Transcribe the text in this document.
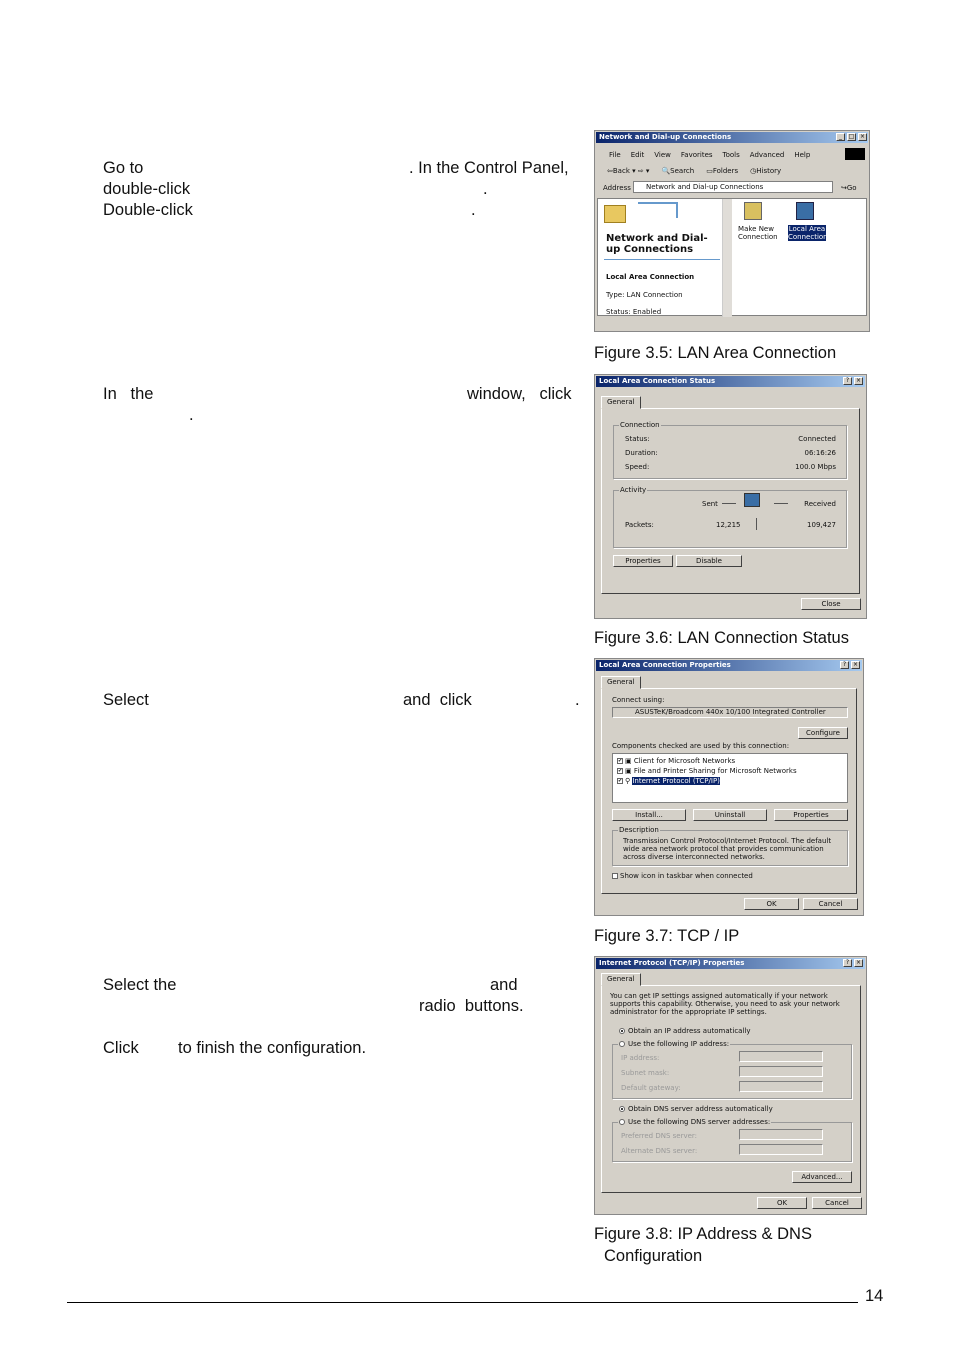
Go to	. In the Control Panel,
double-click	.
Double-click	.
In   the	window,   click
.
Select	and  click	.
Select the	and
radio  buttons.
Click to finish the configuration.
Network and Dial-up Connections	_	□ ×
File Edit View Favorites Tools Advanced Help
⇦Back ▾ ⇨ ▾ 🔍Search ▭Folders ◷History
Address	Network and Dial-up Connections	↪Go
Network and Dial-up Connections
Local Area Connection
Type: LAN Connection
Status: Enabled
Make New Connection
Local Area Connection
Figure 3.5: LAN Area Connection
Local Area Connection Status	?	×
General
Connection
Status:	Connected
Duration:	06:16:26
Speed:	100.0 Mbps
Activity
Sent	Received
Packets:	12,215	109,427
Properties	Disable
Close
Figure 3.6: LAN Connection Status
Local Area Connection Properties	?	×
General
Connect using:
ASUSTeK/Broadcom 440x 10/100 Integrated Controller
Configure
Components checked are used by this connection:
✔ ▣ Client for Microsoft Networks
✔ ▣ File and Printer Sharing for Microsoft Networks
✔ ⚲ Internet Protocol (TCP/IP)
Install...	Uninstall	Properties
Description
Transmission Control Protocol/Internet Protocol. The default wide area network protocol that provides communication across diverse interconnected networks.
Show icon in taskbar when connected
OK	Cancel
Figure 3.7: TCP / IP
Internet Protocol (TCP/IP) Properties	?	×
General
You can get IP settings assigned automatically if your network supports this capability. Otherwise, you need to ask your network administrator for the appropriate IP settings.
Obtain an IP address automatically
Use the following IP address:
IP address:
Subnet mask:
Default gateway:
Obtain DNS server address automatically
Use the following DNS server addresses:
Preferred DNS server:
Alternate DNS server:
Advanced...
OK	Cancel
Figure 3.8: IP Address & DNS
Configuration
14
